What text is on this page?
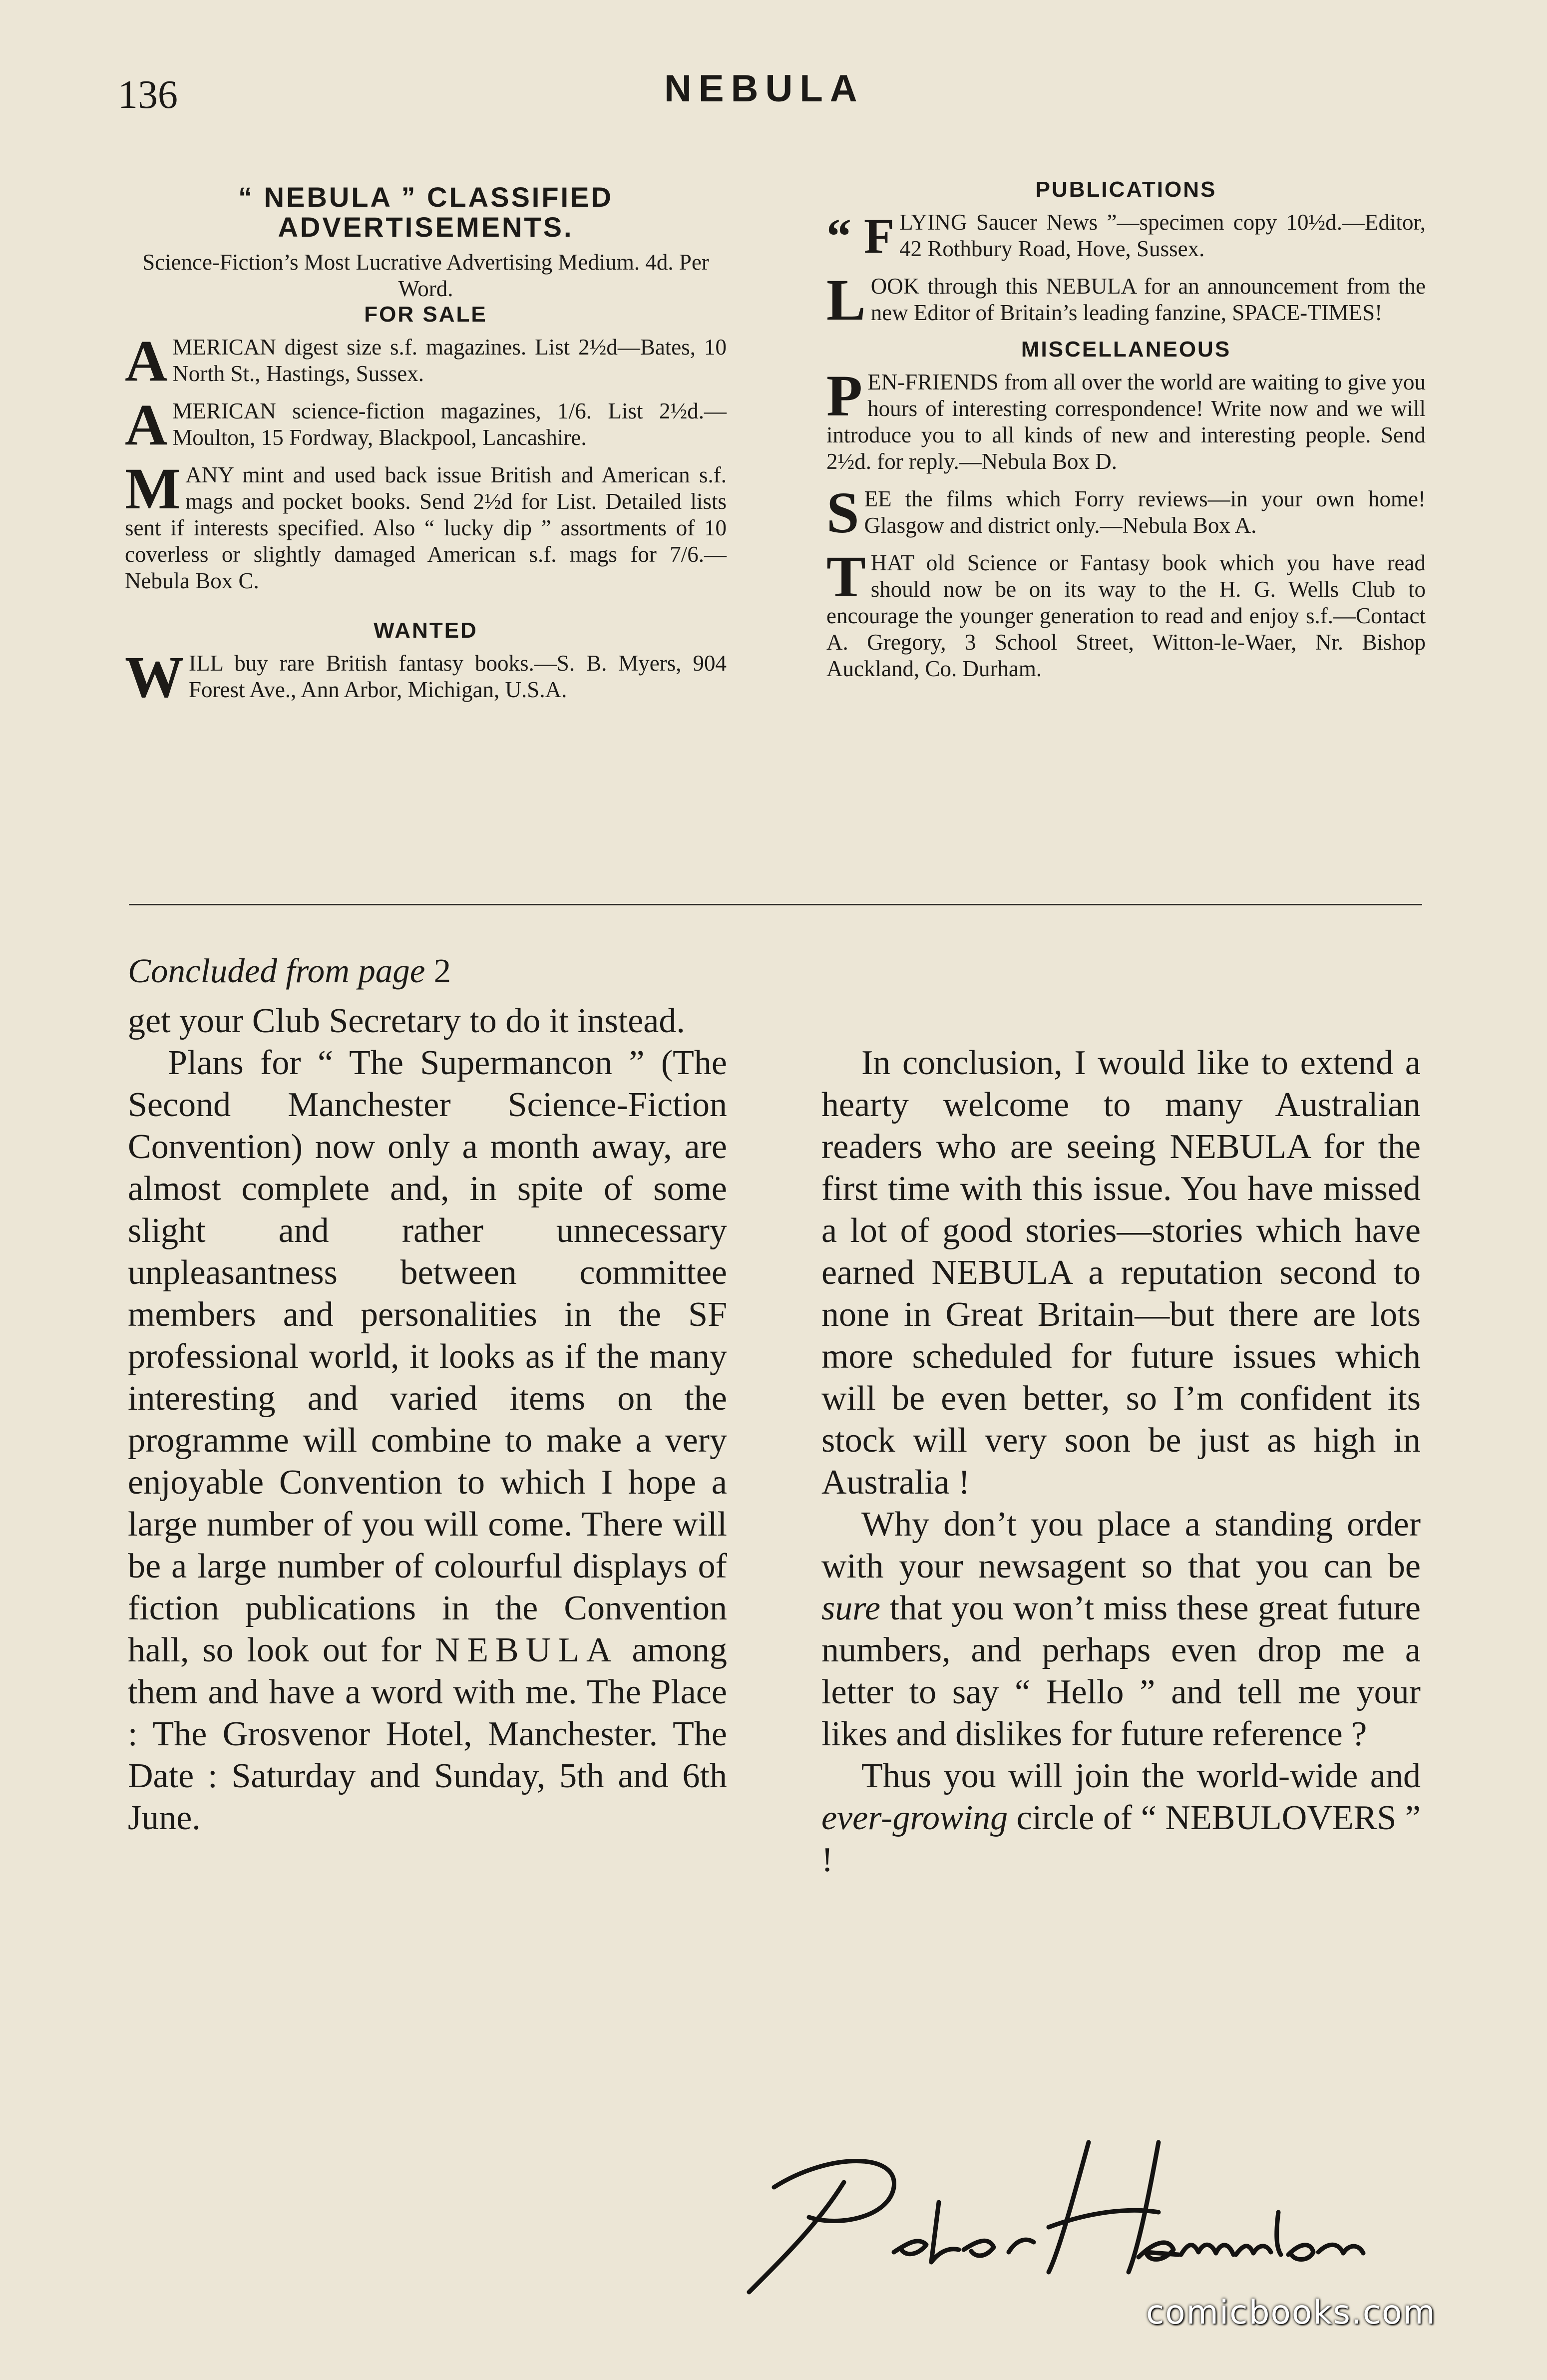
136	NEBULA
“ NEBULA ” CLASSIFIED ADVERTISEMENTS.
Science-Fiction’s Most Lucrative Advertising Medium. 4d. Per Word.
FOR SALE
AMERICAN digest size s.f. magazines. List 2½d—Bates, 10 North St., Hastings, Sussex.
AMERICAN science-fiction magazines, 1/6. List 2½d.—Moulton, 15 Fordway, Blackpool, Lancashire.
MANY mint and used back issue British and American s.f. mags and pocket books. Send 2½d for List. Detailed lists sent if interests specified. Also “ lucky dip ” assortments of 10 coverless or slightly damaged American s.f. mags for 7/6.—Nebula Box C.
WANTED
WILL buy rare British fantasy books.—S. B. Myers, 904 Forest Ave., Ann Arbor, Michigan, U.S.A.
PUBLICATIONS
“ F LYING Saucer News ”—specimen copy 10½d.—Editor, 42 Rothbury Road, Hove, Sussex.
LOOK through this NEBULA for an announcement from the new Editor of Britain’s leading fanzine, SPACE-TIMES!
MISCELLANEOUS
PEN-FRIENDS from all over the world are waiting to give you hours of interesting correspondence! Write now and we will introduce you to all kinds of new and interesting people. Send 2½d. for reply.—Nebula Box D.
SEE the films which Forry reviews—in your own home! Glasgow and district only.—Nebula Box A.
THAT old Science or Fantasy book which you have read should now be on its way to the H. G. Wells Club to encourage the younger generation to read and enjoy s.f.—Contact A. Gregory, 3 School Street, Witton-le-Waer, Nr. Bishop Auckland, Co. Durham.
Concluded from page 2

get your Club Secretary to do it instead.

Plans for “ The Supermancon ” (The Second Manchester Science-Fiction Convention) now only a month away, are almost complete and, in spite of some slight and rather unnecessary unpleasantness between committee members and personalities in the SF professional world, it looks as if the many interesting and varied items on the programme will combine to make a very enjoyable Convention to which I hope a large number of you will come. There will be a large number of colourful displays of fiction publications in the Convention hall, so look out for NEBULA among them and have a word with me. The Place : The Grosvenor Hotel, Manchester. The Date : Saturday and Sunday, 5th and 6th June.

In conclusion, I would like to extend a hearty welcome to many Australian readers who are seeing NEBULA for the first time with this issue. You have missed a lot of good stories—stories which have earned NEBULA a reputation second to none in Great Britain—but there are lots more scheduled for future issues which will be even better, so I’m confident its stock will very soon be just as high in Australia !

Why don’t you place a standing order with your newsagent so that you can be sure that you won’t miss these great future numbers, and perhaps even drop me a letter to say “ Hello ” and tell me your likes and dislikes for future reference ?

Thus you will join the world-wide and ever-growing circle of “ NEBULOVERS ” !

comicbooks.com
